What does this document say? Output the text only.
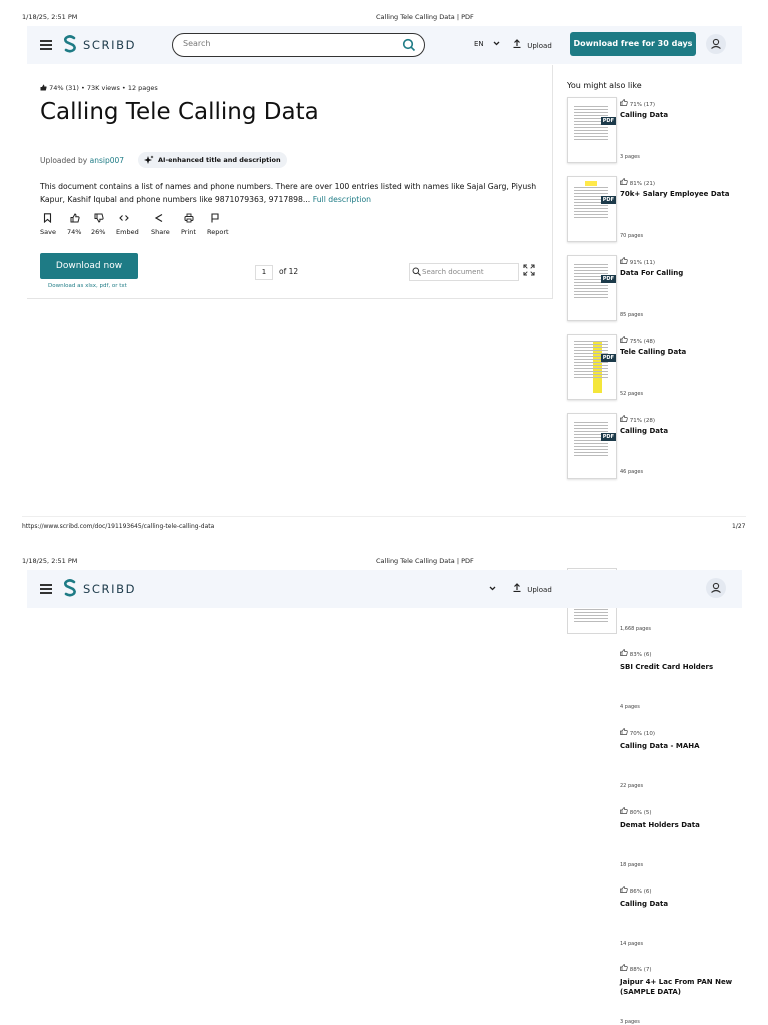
1/18/25, 2:51 PM	Calling Tele Calling Data | PDF
SCRIBD	Search	EN	Upload	Download free for 30 days
74% (31) • 73K views • 12 pages
Calling Tele Calling Data
Uploaded by ansip007	AI-enhanced title and description
This document contains a list of names and phone numbers. There are over 100 entries listed with names like Sajal Garg, Piyush Kapur, Kashif Iqubal and phone numbers like 9871079363, 9717898... Full description
Save	74%	26%	Embed	Share	Print	Report
Download now
Download as xlsx, pdf, or txt
1	of 12	Search document
You might also like
PDF
71% (17)
Calling Data
3 pages
PDF
81% (21)
70k+ Salary Employee Data
70 pages
PDF
91% (11)
Data For Calling
85 pages
PDF
75% (48)
Tele Calling Data
52 pages
PDF
71% (28)
Calling Data
46 pages
https://www.scribd.com/doc/191193645/calling-tele-calling-data	1/27
1/18/25, 2:51 PM	Calling Tele Calling Data | PDF
SCRIBD	Upload
1,668 pages
83% (6)
SBI Credit Card Holders
4 pages
70% (10)
Calling Data - MAHA
22 pages
80% (5)
Demat Holders Data
18 pages
86% (6)
Calling Data
14 pages
88% (7)
Jaipur 4+ Lac From PAN New (SAMPLE DATA)
3 pages
